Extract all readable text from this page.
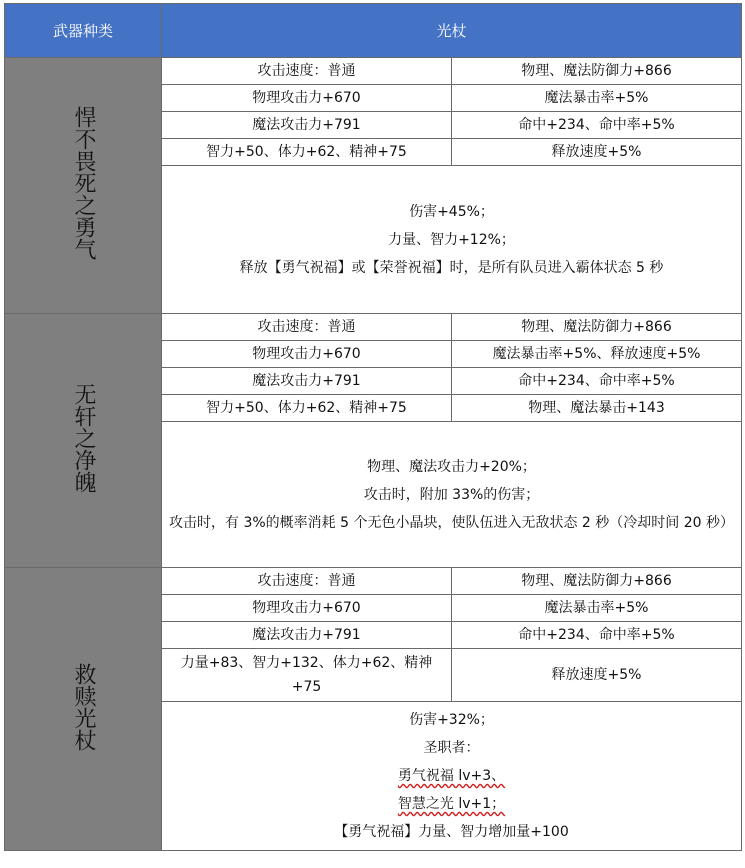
武器种类	光杖	
悍不畏死之勇气	攻击速度：普通	物理、魔法防御力+866
	物理攻击力+670	魔法暴击率+5%
	魔法攻击力+791	命中+234、命中率+5%
	智力+50、体力+62、精神+75	释放速度+5%

	伤害+45%；
力量、智力+12%；
释放【勇气祝福】或【荣誉祝福】时，是所有队员进入霸体状态 5 秒	

无轩之净魄	攻击速度：普通	物理、魔法防御力+866
	物理攻击力+670	魔法暴击率+5%、释放速度+5%
	魔法攻击力+791	命中+234、命中率+5%
	智力+50、体力+62、精神+75	物理、魔法暴击+143

	物理、魔法攻击力+20%；
攻击时，附加 33%的伤害；
攻击时，有 3%的概率消耗 5 个无色小晶块，使队伍进入无敌状态 2 秒（冷却时间 20 秒）	

救赎光杖	攻击速度：普通	物理、魔法防御力+866
	物理攻击力+670	魔法暴击率+5%
	魔法攻击力+791	命中+234、命中率+5%
	力量+83、智力+132、体力+62、精神+75	释放速度+5%

	伤害+32%；
圣职者：
勇气祝福 lv+3、
智慧之光 lv+1；
【勇气祝福】力量、智力增加量+100	
